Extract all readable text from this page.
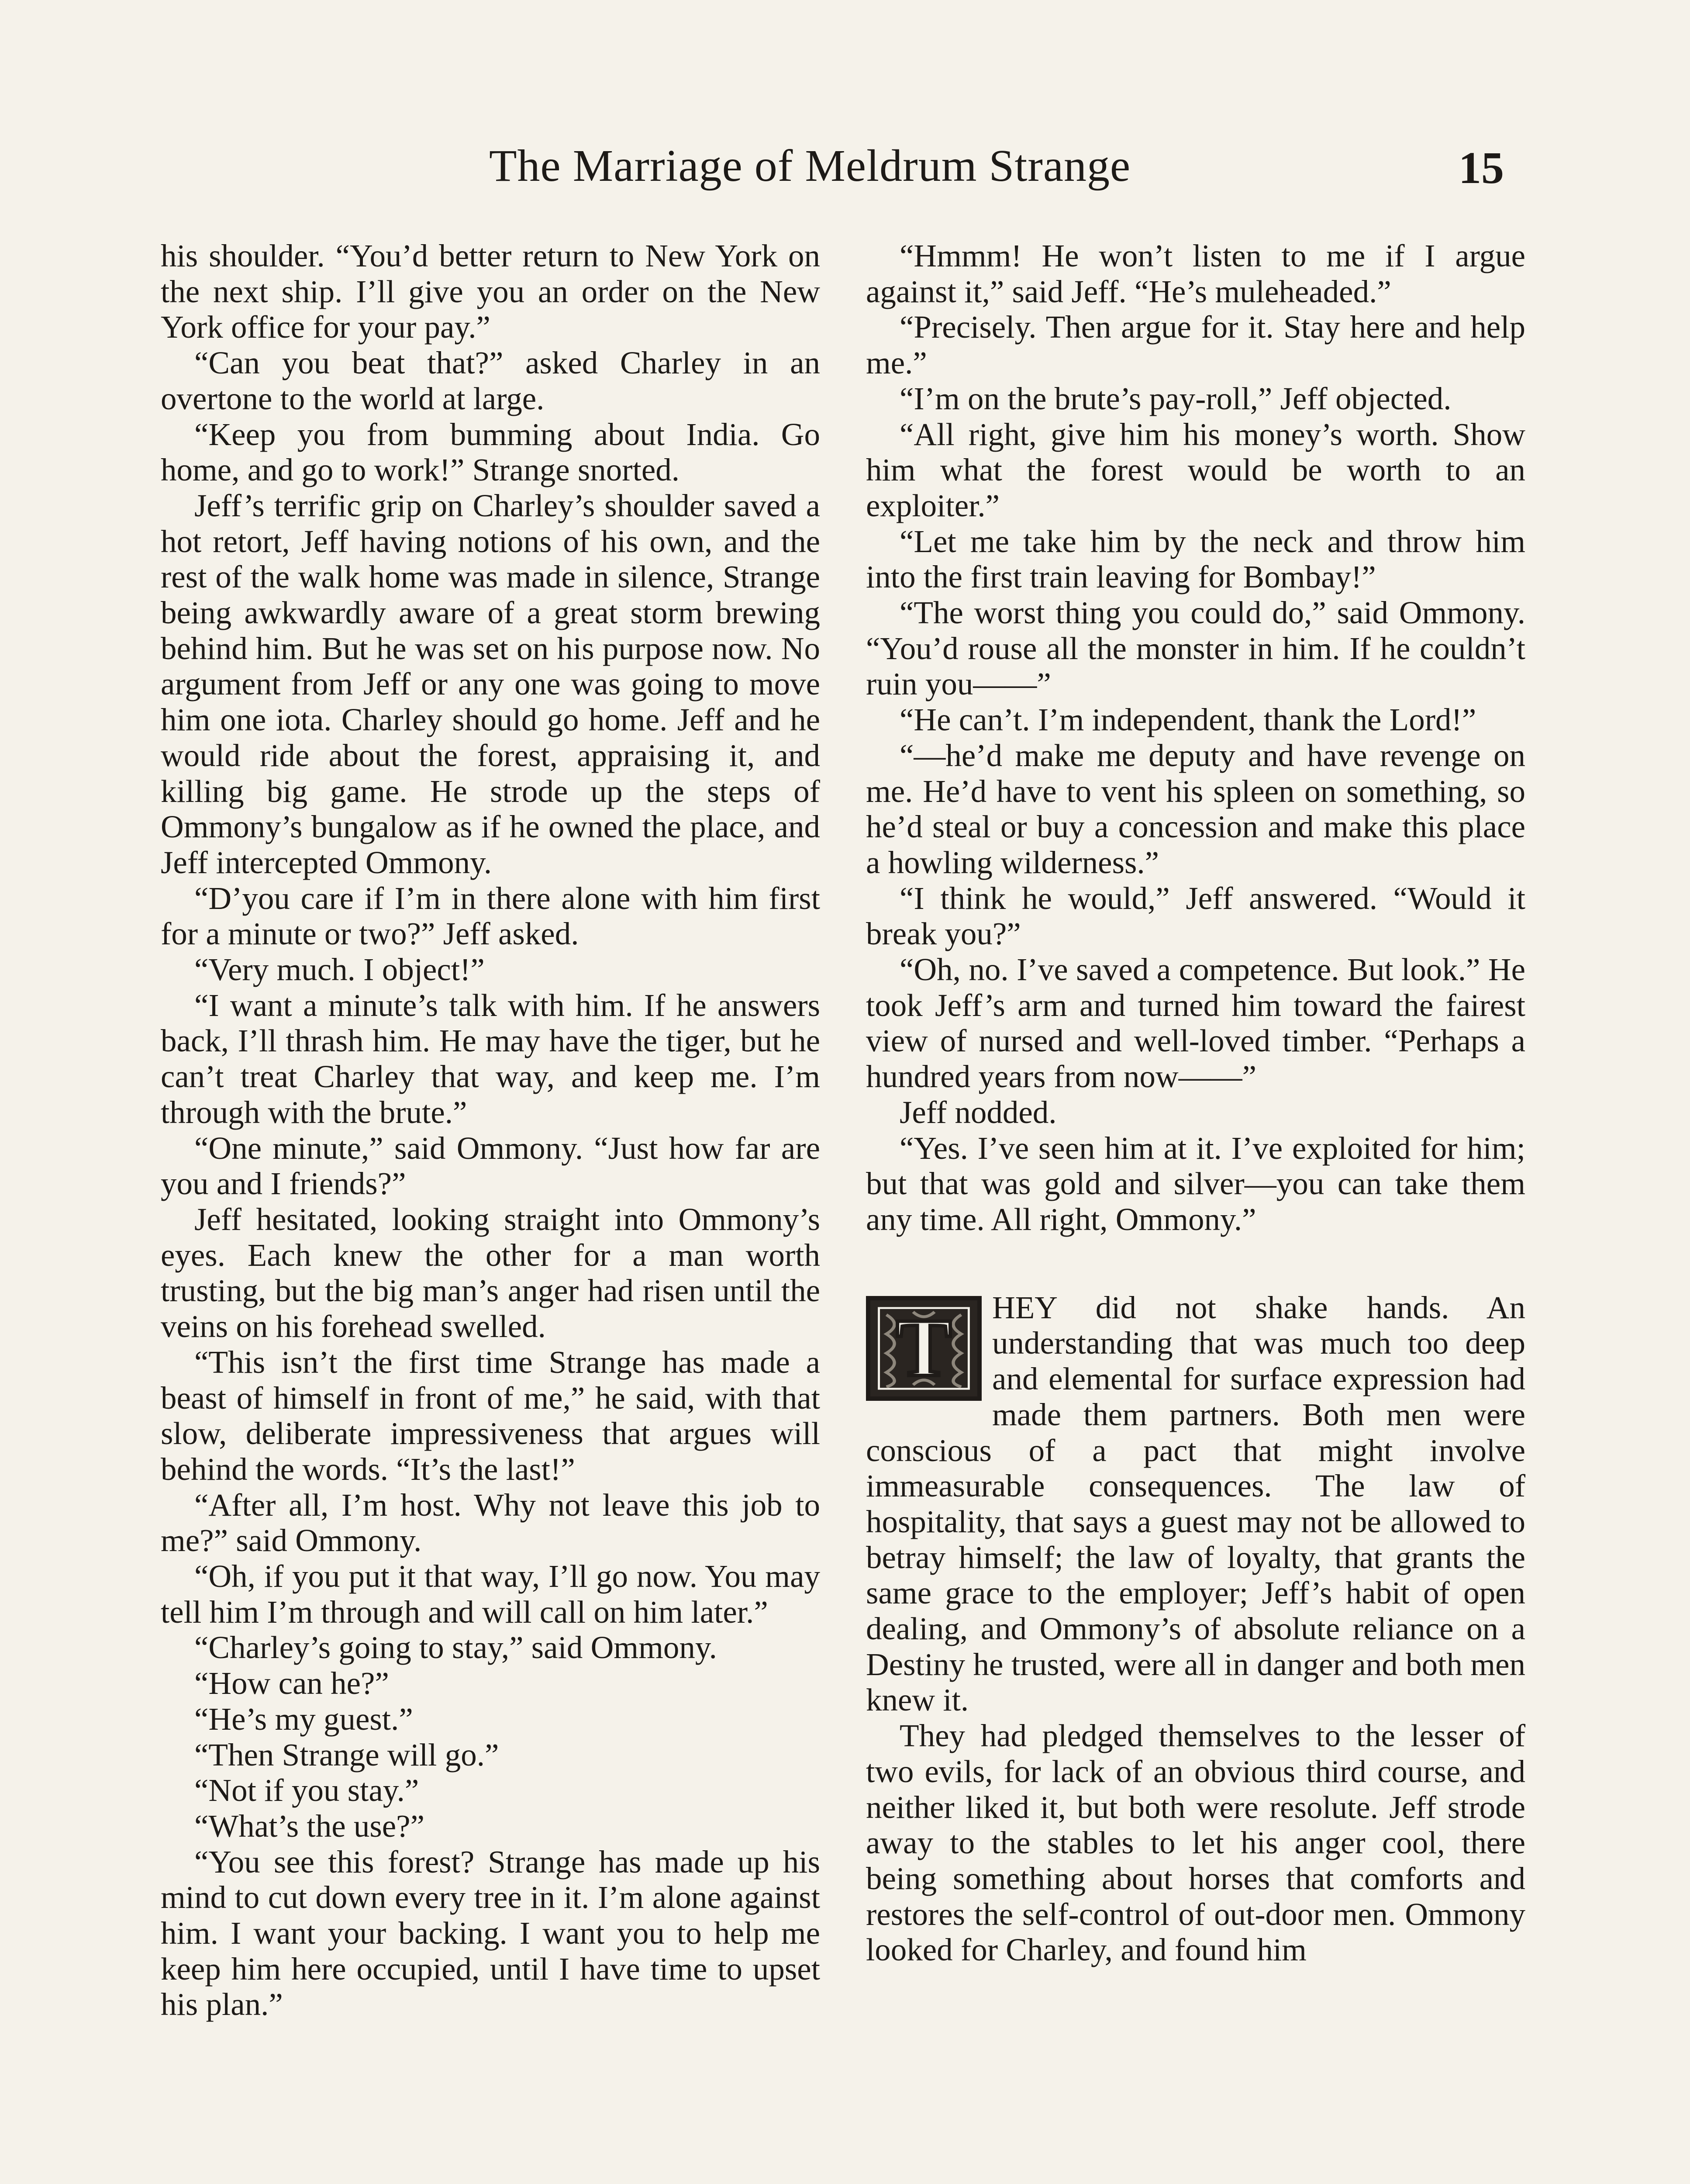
The Marriage of Meldrum Strange	15

his shoulder. “You’d better return to New York on the next ship. I’ll give you an order on the New York office for your pay.”

“Can you beat that?” asked Charley in an overtone to the world at large.

“Keep you from bumming about India. Go home, and go to work!” Strange snorted.

Jeff’s terrific grip on Charley’s shoulder saved a hot retort, Jeff having notions of his own, and the rest of the walk home was made in silence, Strange being awkwardly aware of a great storm brewing behind him. But he was set on his purpose now. No argument from Jeff or any one was going to move him one iota. Charley should go home. Jeff and he would ride about the forest, appraising it, and killing big game. He strode up the steps of Ommony’s bungalow as if he owned the place, and Jeff intercepted Ommony.

“D’you care if I’m in there alone with him first for a minute or two?” Jeff asked.

“Very much. I object!”

“I want a minute’s talk with him. If he answers back, I’ll thrash him. He may have the tiger, but he can’t treat Charley that way, and keep me. I’m through with the brute.”

“One minute,” said Ommony. “Just how far are you and I friends?”

Jeff hesitated, looking straight into Ommony’s eyes. Each knew the other for a man worth trusting, but the big man’s anger had risen until the veins on his forehead swelled.

“This isn’t the first time Strange has made a beast of himself in front of me,” he said, with that slow, deliberate impressiveness that argues will behind the words. “It’s the last!”

“After all, I’m host. Why not leave this job to me?” said Ommony.

“Oh, if you put it that way, I’ll go now. You may tell him I’m through and will call on him later.”

“Charley’s going to stay,” said Ommony.

“How can he?”

“He’s my guest.”

“Then Strange will go.”

“Not if you stay.”

“What’s the use?”

“You see this forest? Strange has made up his mind to cut down every tree in it. I’m alone against him. I want your backing. I want you to help me keep him here occupied, until I have time to upset his plan.”

“Hmmm! He won’t listen to me if I argue against it,” said Jeff. “He’s muleheaded.”

“Precisely. Then argue for it. Stay here and help me.”

“I’m on the brute’s pay-roll,” Jeff objected.

“All right, give him his money’s worth. Show him what the forest would be worth to an exploiter.”

“Let me take him by the neck and throw him into the first train leaving for Bombay!”

“The worst thing you could do,” said Ommony. “You’d rouse all the monster in him. If he couldn’t ruin you——”

“He can’t. I’m independent, thank the Lord!”

“—he’d make me deputy and have revenge on me. He’d have to vent his spleen on something, so he’d steal or buy a concession and make this place a howling wilderness.”

“I think he would,” Jeff answered. “Would it break you?”

“Oh, no. I’ve saved a competence. But look.” He took Jeff’s arm and turned him toward the fairest view of nursed and well-loved timber. “Perhaps a hundred years from now——”

Jeff nodded.

“Yes. I’ve seen him at it. I’ve exploited for him; but that was gold and silver—you can take them any time. All right, Ommony.”

T	HEY did not shake hands. An understanding that was much too deep and elemental for surface expression had made them partners. Both men were conscious of a pact that might involve immeasurable consequences. The law of hospitality, that says a guest may not be allowed to betray himself; the law of loyalty, that grants the same grace to the employer; Jeff’s habit of open dealing, and Ommony’s of absolute reliance on a Destiny he trusted, were all in danger and both men knew it.

They had pledged themselves to the lesser of two evils, for lack of an obvious third course, and neither liked it, but both were resolute. Jeff strode away to the stables to let his anger cool, there being something about horses that comforts and restores the self-control of out-door men. Ommony looked for Charley, and found him
